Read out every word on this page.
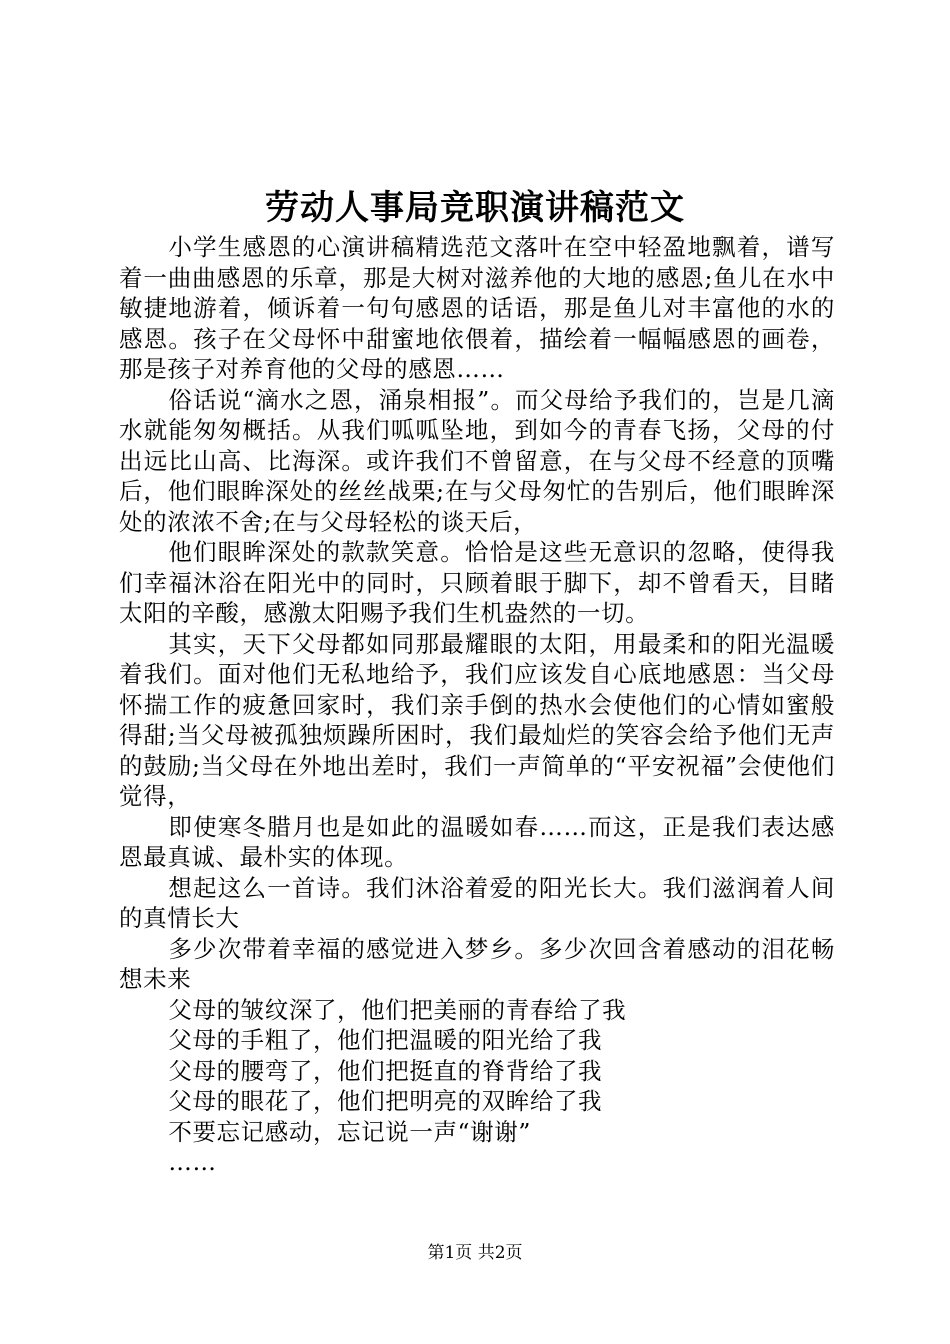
劳动人事局竞职演讲稿范文

小学生感恩的心演讲稿精选范文落叶在空中轻盈地飘着，谱写着一曲曲感恩的乐章，那是大树对滋养他的大地的感恩;鱼儿在水中敏捷地游着，倾诉着一句句感恩的话语，那是鱼儿对丰富他的水的感恩。孩子在父母怀中甜蜜地依偎着，描绘着一幅幅感恩的画卷，那是孩子对养育他的父母的感恩……

俗话说“滴水之恩，涌泉相报”。而父母给予我们的，岂是几滴水就能匆匆概括。从我们呱呱坠地，到如今的青春飞扬，父母的付出远比山高、比海深。或许我们不曾留意，在与父母不经意的顶嘴后，他们眼眸深处的丝丝战栗;在与父母匆忙的告别后，他们眼眸深处的浓浓不舍;在与父母轻松的谈天后，

他们眼眸深处的款款笑意。恰恰是这些无意识的忽略，使得我们幸福沐浴在阳光中的同时，只顾着眼于脚下，却不曾看天，目睹太阳的辛酸，感激太阳赐予我们生机盎然的一切。

其实，天下父母都如同那最耀眼的太阳，用最柔和的阳光温暖着我们。面对他们无私地给予，我们应该发自心底地感恩：当父母怀揣工作的疲惫回家时，我们亲手倒的热水会使他们的心情如蜜般得甜;当父母被孤独烦躁所困时，我们最灿烂的笑容会给予他们无声的鼓励;当父母在外地出差时，我们一声简单的“平安祝福”会使他们觉得，

即使寒冬腊月也是如此的温暖如春……而这，正是我们表达感恩最真诚、最朴实的体现。

想起这么一首诗。我们沐浴着爱的阳光长大。我们滋润着人间的真情长大

多少次带着幸福的感觉进入梦乡。多少次回含着感动的泪花畅想未来

父母的皱纹深了，他们把美丽的青春给了我

父母的手粗了，他们把温暖的阳光给了我

父母的腰弯了，他们把挺直的脊背给了我

父母的眼花了，他们把明亮的双眸给了我

不要忘记感动，忘记说一声“谢谢”

……

第1页 共2页
